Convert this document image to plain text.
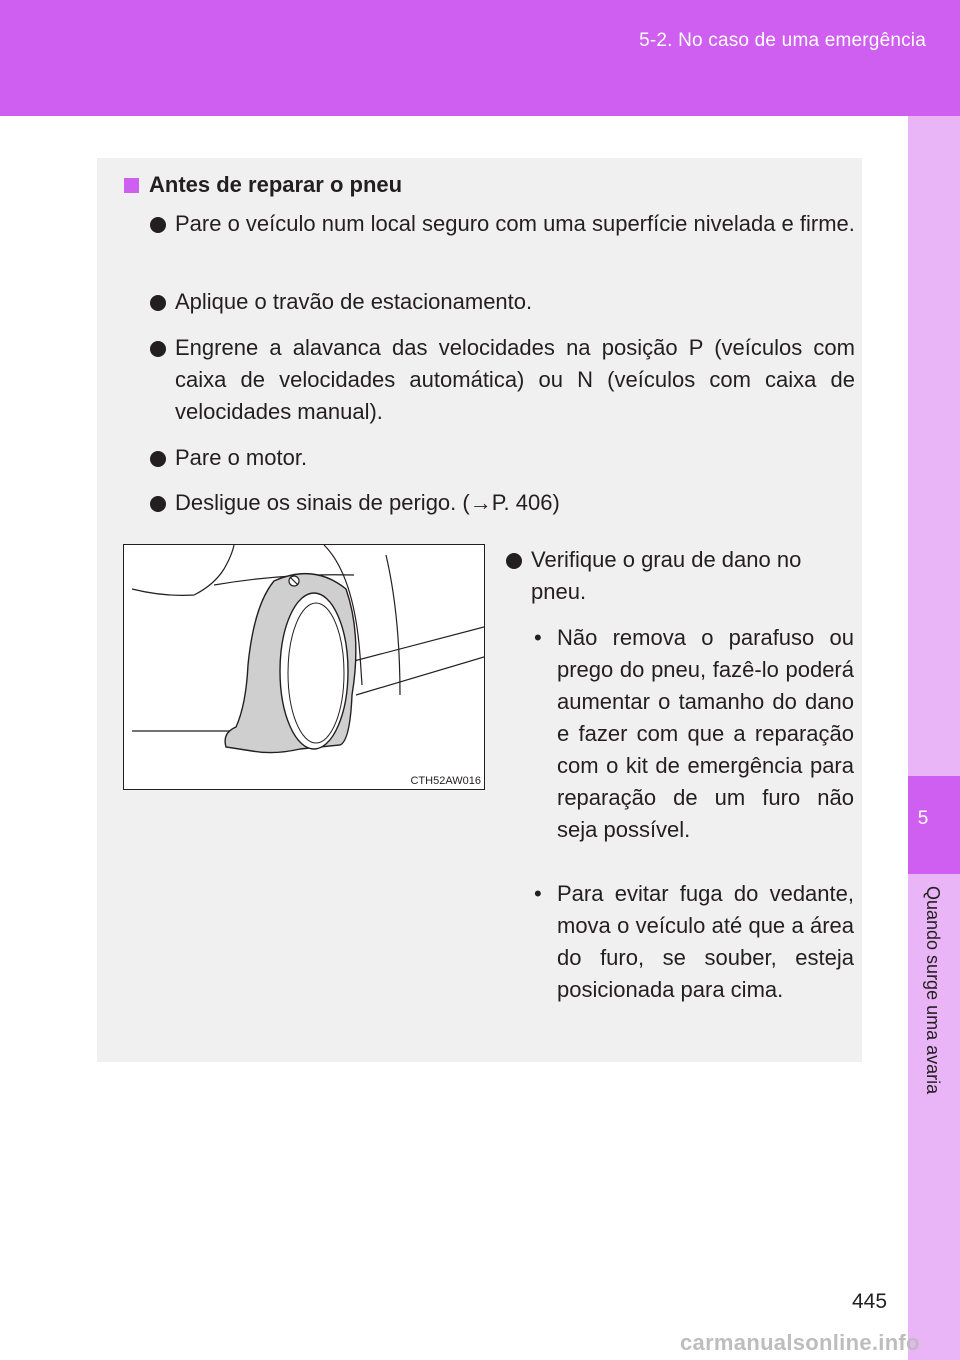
5-2. No caso de uma emergência
5
Quando surge uma avaria
Antes de reparar o pneu
Pare o veículo num local seguro com uma superfície nivelada e firme.
Aplique o travão de estacionamento.
Engrene a alavanca das velocidades na posição P (veículos com caixa de velocidades automática) ou N (veículos com caixa de velocidades manual).
Pare o motor.
Desligue os sinais de perigo. (→P. 406)
CTH52AW016
Verifique o grau de dano no pneu.
• Não remova o parafuso ou prego do pneu, fazê-lo poderá aumentar o tamanho do dano e fazer com que a reparação com o kit de emergência para reparação de um furo não seja possível.
• Para evitar fuga do vedante, mova o veículo até que a área do furo, se souber, esteja posicionada para cima.
445
carmanualsonline.info
